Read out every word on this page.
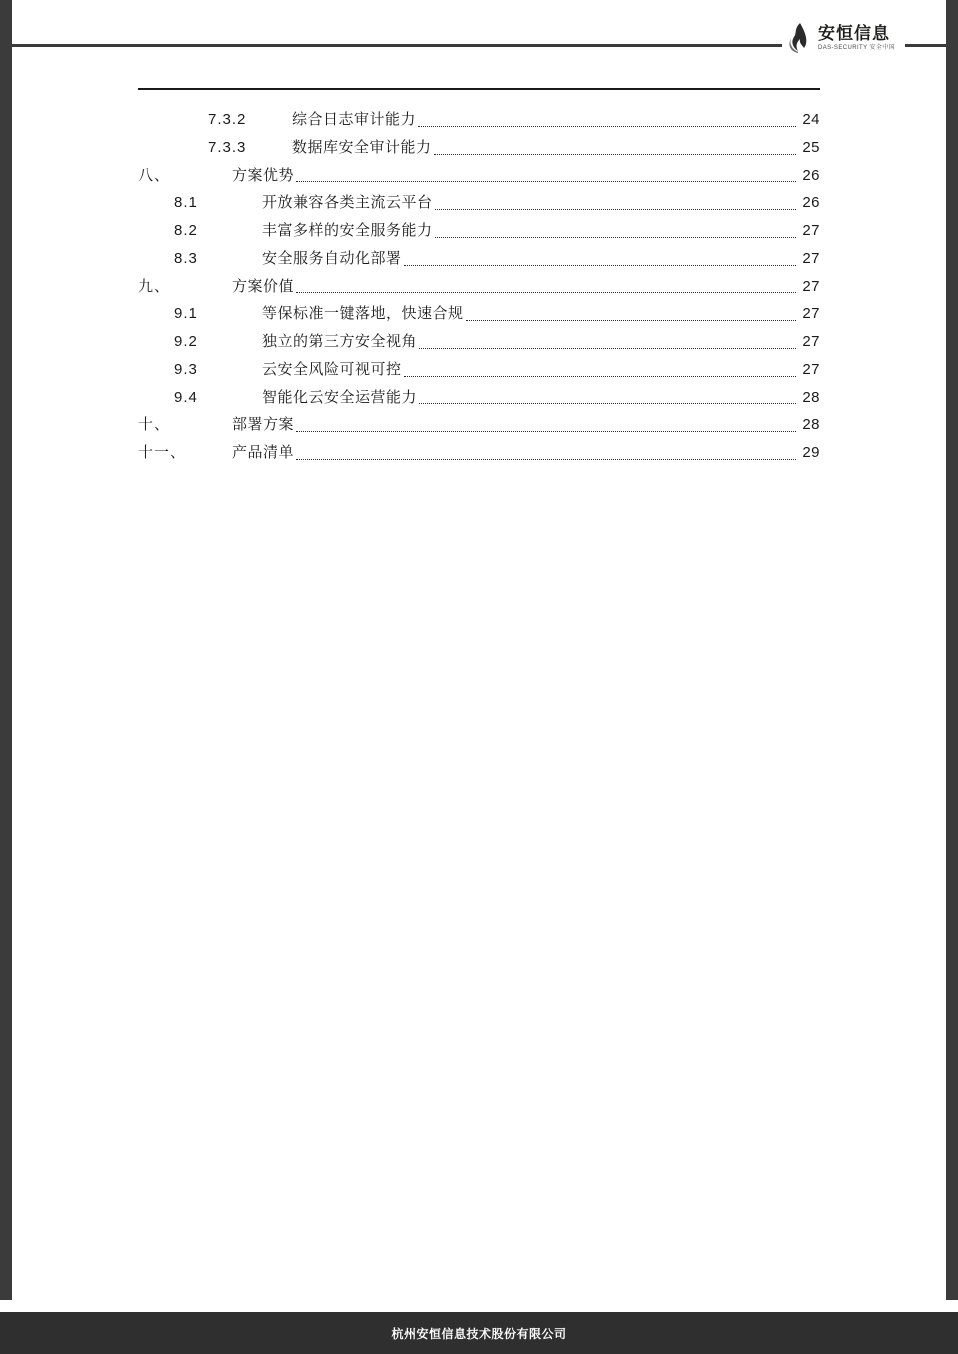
安恒信息
DAS-SECURITY 安全中国
7.3.2	综合日志审计能力	24
7.3.3	数据库安全审计能力	25
八、	方案优势	26
8.1	开放兼容各类主流云平台	26
8.2	丰富多样的安全服务能力	27
8.3	安全服务自动化部署	27
九、	方案价值	27
9.1	等保标准一键落地，快速合规	27
9.2	独立的第三方安全视角	27
9.3	云安全风险可视可控	27
9.4	智能化云安全运营能力	28
十、	部署方案	28
十一、	产品清单	29
杭州安恒信息技术股份有限公司
